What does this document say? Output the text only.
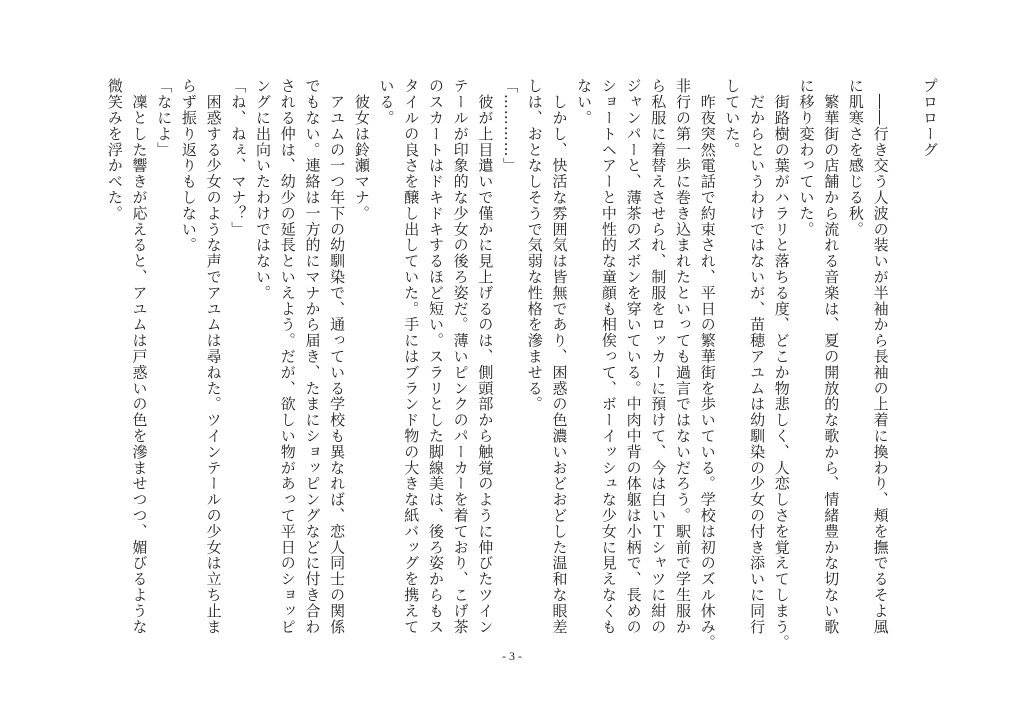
プロローグ
　――行き交う人波の装いが半袖から長袖の上着に換わり、頬を撫でるそよ風
に肌寒さを感じる秋。
　繁華街の店舗から流れる音楽は、夏の開放的な歌から、情緒豊かな切ない歌
に移り変わっていた。
　街路樹の葉がハラリと落ちる度、どこか物悲しく、人恋しさを覚えてしまう。
　だからというわけではないが、苗穂アユムは幼馴染の少女の付き添いに同行
していた。
　昨夜突然電話で約束され、平日の繁華街を歩いている。学校は初のズル休み。
非行の第一歩に巻き込まれたといっても過言ではないだろう。駅前で学生服か
ら私服に着替えさせられ、制服をロッカーに預けて、今は白いＴシャツに紺の
ジャンパーと、薄茶のズボンを穿いている。中肉中背の体躯は小柄で、長めの
ショートヘアーと中性的な童顔も相俟って、ボーイッシュな少女に見えなくも
ない。
　しかし、快活な雰囲気は皆無であり、困惑の色濃いおどおどした温和な眼差
しは、おとなしそうで気弱な性格を滲ませる。
「…………」
　彼が上目遣いで僅かに見上げるのは、側頭部から触覚のように伸びたツイン
テールが印象的な少女の後ろ姿だ。薄いピンクのパーカーを着ており、こげ茶
のスカートはドキドキするほど短い。スラリとした脚線美は、後ろ姿からもス
タイルの良さを醸し出していた。手にはブランド物の大きな紙バッグを携えて
いる。
　彼女は鈴瀬マナ。
　アユムの一つ年下の幼馴染で、通っている学校も異なれば、恋人同士の関係
でもない。連絡は一方的にマナから届き、たまにショッピングなどに付き合わ
される仲は、幼少の延長といえよう。だが、欲しい物があって平日のショッピ
ングに出向いたわけではない。
「ね、ねぇ、マナ？」
　困惑する少女のような声でアユムは尋ねた。ツインテールの少女は立ち止ま
らず振り返りもしない。
「なによ」
　凜とした響きが応えると、アユムは戸惑いの色を滲ませつつ、媚びるような
微笑みを浮かべた。
- 3 -
